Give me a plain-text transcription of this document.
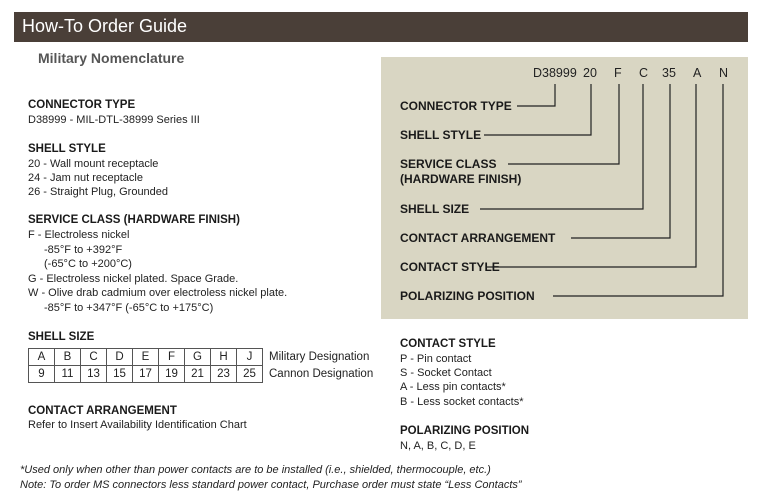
How-To Order Guide
Military Nomenclature
CONNECTOR TYPE
D38999 - MIL-DTL-38999 Series III
SHELL STYLE
20 - Wall mount receptacle
24 - Jam nut receptacle
26 - Straight Plug, Grounded
SERVICE CLASS (HARDWARE FINISH)
F - Electroless nickel
-85°F to +392°F
(-65°C to +200°C)
G - Electroless nickel plated. Space Grade.
W - Olive drab cadmium over electroless nickel plate.
-85°F to +347°F (-65°C to +175°C)
SHELL SIZE
A	B	C	D	E	F	G	H	J	Military Designation
9	11	13	15	17	19	21	23	25	Cannon Designation
CONTACT ARRANGEMENT
Refer to Insert Availability Identification Chart
D38999 20 F C 35 A N
CONNECTOR TYPE
SHELL STYLE
SERVICE CLASS
(HARDWARE FINISH)
SHELL SIZE
CONTACT ARRANGEMENT
CONTACT STYLE
POLARIZING POSITION
CONTACT STYLE
P - Pin contact
S - Socket Contact
A - Less pin contacts*
B - Less socket contacts*
POLARIZING POSITION
N, A, B, C, D, E
*Used only when other than power contacts are to be installed (i.e., shielded, thermocouple, etc.)
Note: To order MS connectors less standard power contact, Purchase order must state “Less Contacts”
